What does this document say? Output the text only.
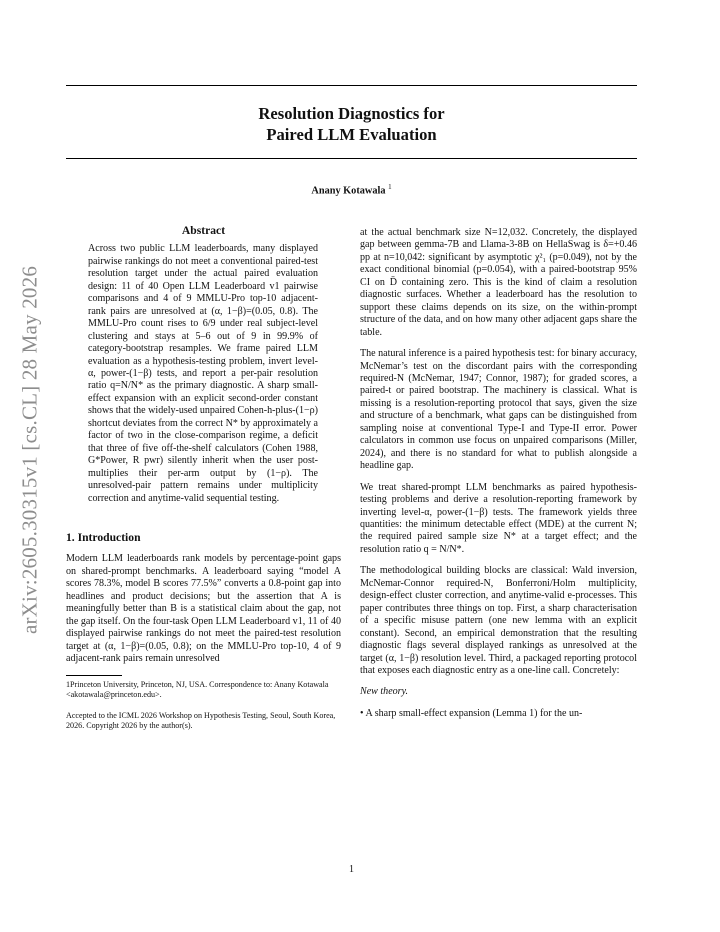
Resolution Diagnostics for
Paired LLM Evaluation
Anany Kotawala $^1$
arXiv:2605.30315v1 [cs.CL] 28 May 2026
Abstract

Across two public LLM leaderboards, many displayed pairwise rankings do not meet a conventional paired-test resolution target under the actual paired evaluation design: 11 of 40 Open LLM Leaderboard v1 pairwise comparisons and 4 of 9 MMLU-Pro top-10 adjacent-rank pairs are unresolved at (α, 1−β)=(0.05, 0.8). The MMLU-Pro count rises to 6/9 under real subject-level clustering and stays at 5–6 out of 9 in 99.9% of category-bootstrap resamples. We frame paired LLM evaluation as a hypothesis-testing problem, invert level-α, power-(1−β) tests, and report a per-pair resolution ratio q=N/N* as the primary diagnostic. A sharp small-effect expansion with an explicit second-order constant shows that the widely-used unpaired Cohen-h-plus-(1−ρ) shortcut deviates from the correct N* by approximately a factor of two in the close-comparison regime, a deficit that three of five off-the-shelf calculators (Cohen 1988, G*Power, R pwr) silently inherit when the user post-multiplies their per-arm output by (1−ρ). The unresolved-pair pattern remains under multiplicity correction and anytime-valid sequential testing.

1. Introduction

Modern LLM leaderboards rank models by percentage-point gaps on shared-prompt benchmarks. A leaderboard saying “model A scores 78.3%, model B scores 77.5%” converts a 0.8-point gap into headlines and product decisions; but the assertion that A is meaningfully better than B is a statistical claim about the gap, not the gap itself. On the four-task Open LLM Leaderboard v1, 11 of 40 displayed pairwise rankings do not meet the paired-test resolution target at (α, 1−β)=(0.05, 0.8); on the MMLU-Pro top-10, 4 of 9 adjacent-rank pairs remain unresolved

1Princeton University, Princeton, NJ, USA. Correspondence to: Anany Kotawala <akotawala@princeton.edu>.

Accepted to the ICML 2026 Workshop on Hypothesis Testing, Seoul, South Korea, 2026. Copyright 2026 by the author(s).

at the actual benchmark size N=12,032. Concretely, the displayed gap between gemma-7B and Llama-3-8B on HellaSwag is δ=+0.46 pp at n=10,042: significant by asymptotic χ²₁ (p=0.049), not by the exact conditional binomial (p=0.054), with a paired-bootstrap 95% CI on D̄ containing zero. This is the kind of claim a resolution diagnostic surfaces. Whether a leaderboard has the resolution to support these claims depends on its size, on the within-prompt structure of the data, and on how many other adjacent gaps share the table.

The natural inference is a paired hypothesis test: for binary accuracy, McNemar’s test on the discordant pairs with the corresponding required-N (McNemar, 1947; Connor, 1987); for graded scores, a paired-t or paired bootstrap. The machinery is classical. What is missing is a resolution-reporting protocol that says, given the size and structure of a benchmark, what gaps can be distinguished from sampling noise at conventional Type-I and Type-II error. Power calculators in common use focus on unpaired comparisons (Miller, 2024), and there is no standard for what to publish alongside a headline gap.

We treat shared-prompt LLM benchmarks as paired hypothesis-testing problems and derive a resolution-reporting framework by inverting level-α, power-(1−β) tests. The framework yields three quantities: the minimum detectable effect (MDE) at the current N; the required paired sample size N* at a target effect; and the resolution ratio q = N/N*.

The methodological building blocks are classical: Wald inversion, McNemar-Connor required-N, Bonferroni/Holm multiplicity, design-effect cluster correction, and anytime-valid e-processes. This paper contributes three things on top. First, a sharp characterisation of a specific misuse pattern (one new lemma with an explicit constant). Second, an empirical demonstration that the resulting diagnostic flags several displayed rankings as unresolved at the target (α, 1−β) resolution level. Third, a packaged reporting protocol that exposes each diagnostic entry as a one-line call. Concretely:

New theory.
• A sharp small-effect expansion (Lemma 1) for the un-
1
